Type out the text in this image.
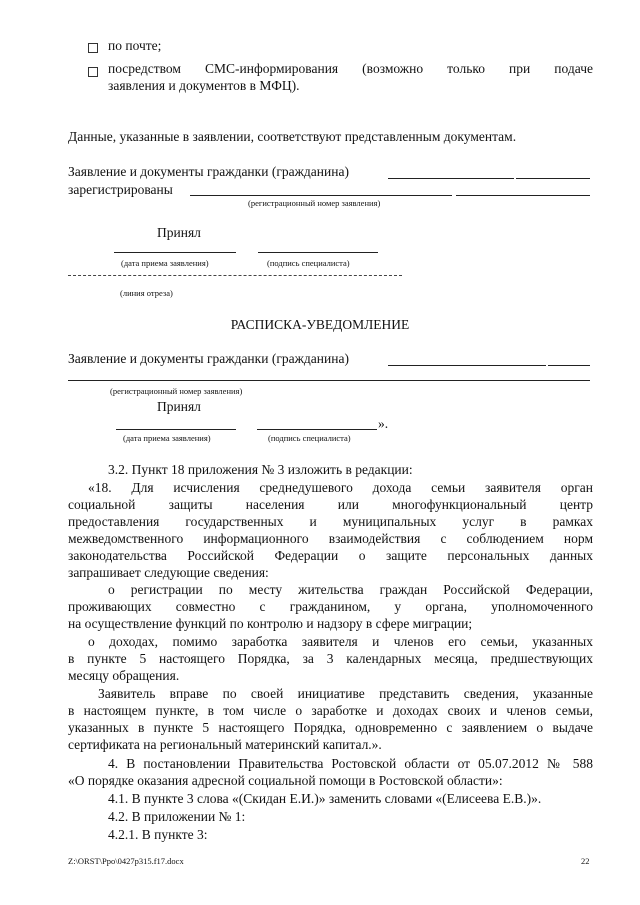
по почте;
посредством СМС-информирования (возможно только при подаче
заявления и документов в МФЦ).
Данные, указанные в заявлении, соответствуют представленным документам.
Заявление и документы гражданки (гражданина)
зарегистрированы
(регистрационный номер заявления)
Принял
(дата приема заявления)	(подпись специалиста)
(линия отреза)
РАСПИСКА-УВЕДОМЛЕНИЕ
Заявление и документы гражданки (гражданина)
(регистрационный номер заявления)
Принял
».
(дата приема заявления)	(подпись специалиста)
3.2. Пункт 18 приложения № 3 изложить в редакции:
«18. Для исчисления среднедушевого дохода семьи заявителя орган
социальной защиты населения или многофункциональный центр
предоставления государственных и муниципальных услуг в рамках
межведомственного информационного взаимодействия с соблюдением норм
законодательства Российской Федерации о защите персональных данных
запрашивает следующие сведения:
о регистрации по месту жительства граждан Российской Федерации,
проживающих совместно с гражданином, у органа, уполномоченного
на осуществление функций по контролю и надзору в сфере миграции;
о доходах, помимо заработка заявителя и членов его семьи, указанных
в пункте 5 настоящего Порядка, за 3 календарных месяца, предшествующих
месяцу обращения.
Заявитель вправе по своей инициативе представить сведения, указанные
в настоящем пункте, в том числе о заработке и доходах своих и членов семьи,
указанных в пункте 5 настоящего Порядка, одновременно с заявлением о выдаче
сертификата на региональный материнский капитал.».
4. В постановлении Правительства Ростовской области от 05.07.2012 № 588
«О порядке оказания адресной социальной помощи в Ростовской области»:
4.1. В пункте 3 слова «(Скидан Е.И.)» заменить словами «(Елисеева Е.В.)».
4.2. В приложении № 1:
4.2.1. В пункте 3:
Z:\ORST\Ppo\0427p315.f17.docx	22
